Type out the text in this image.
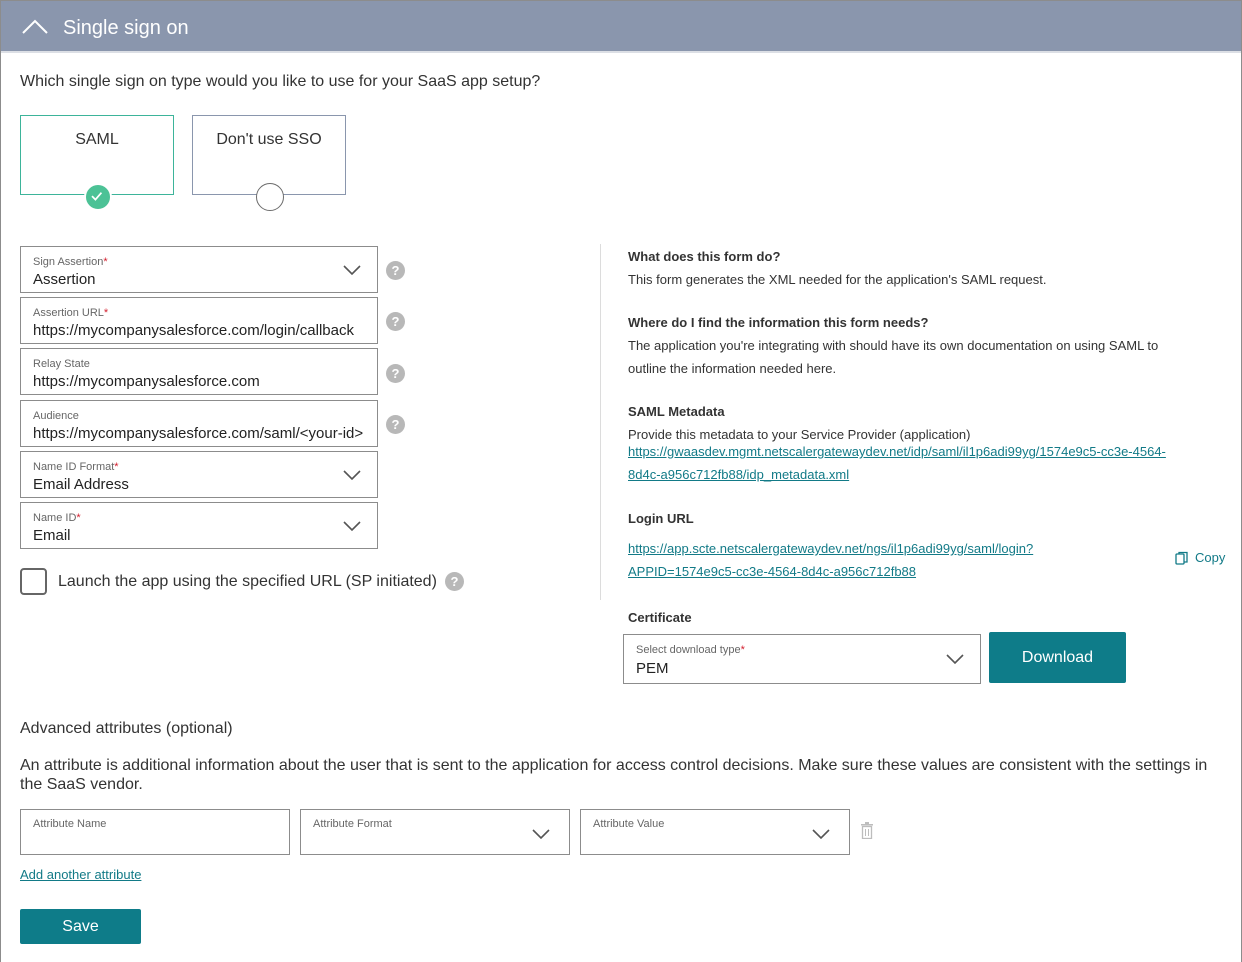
Single sign on
Which single sign on type would you like to use for your SaaS app setup?
SAML	Don't use SSO
Sign Assertion*
Assertion
?
Assertion URL*
https://mycompanysalesforce.com/login/callback
?
Relay State
https://mycompanysalesforce.com	?
Audience
https://mycompanysalesforce.com/saml/<your-id>
?
Name ID Format*
Email Address
Name ID*
Email
Launch the app using the specified URL (SP initiated)	?
What does this form do?
This form generates the XML needed for the application's SAML request.
Where do I find the information this form needs?
The application you're integrating with should have its own documentation on using SAML to
outline the information needed here.
SAML Metadata
Provide this metadata to your Service Provider (application)
https://gwaasdev.mgmt.netscalergatewaydev.net/idp/saml/il1p6adi99yg/1574e9c5-cc3e-4564-
8d4c-a956c712fb88/idp_metadata.xml
Login URL
https://app.scte.netscalergatewaydev.net/ngs/il1p6adi99yg/saml/login?
APPID=1574e9c5-cc3e-4564-8d4c-a956c712fb88
Copy
Certificate
Select download type*
PEM
Download
Advanced attributes (optional)
An attribute is additional information about the user that is sent to the application for access control decisions. Make sure these values are consistent with the settings in the SaaS vendor.
Attribute Name	Attribute Format	Attribute Value
Add another attribute
Save
